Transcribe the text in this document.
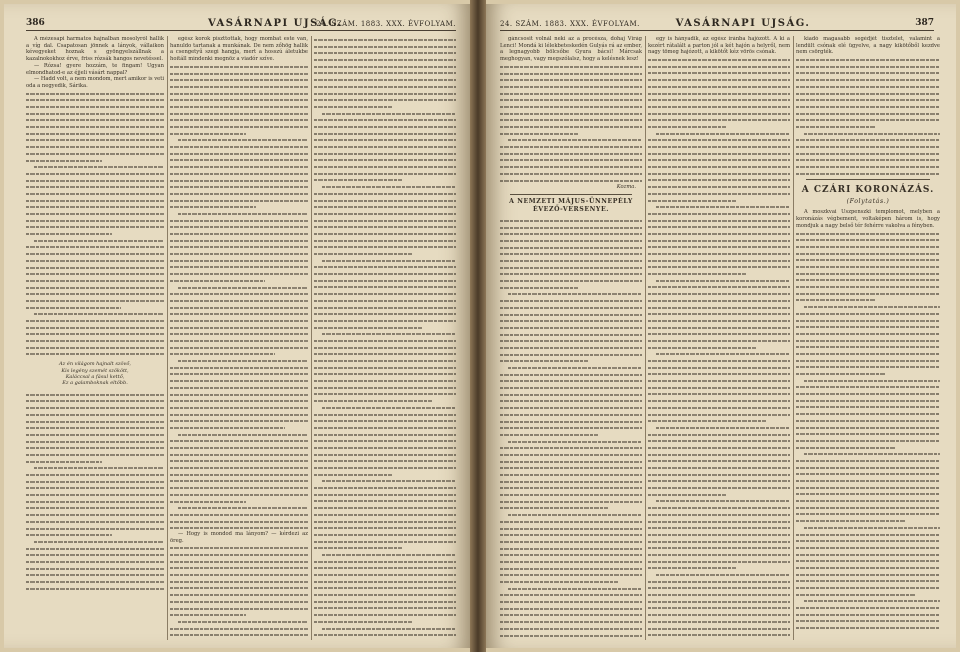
386	VASÁRNAPI UJSÁG.
24. SZÁM. 1883. XXX. ÉVFOLYAM.

A mézesapi harmatos hajnalban mosolyról hallik a víg dal. Csapatosan jönnek a lányok, vállaikon kévegyeket hoznak s gyöngyelszállnak a kazalnokokhoz érve, friss rózsák hangos nevetéssel.

— Rózsa! gyere hozzám, te fingam! Ugyan elmondhatod-e az éjjeli vásárt nappal?

— Hadd volt, a nem mondom, mert amikor is veti oda a negyedik, Sárika.

Az én világom hajnalt szövő,
Kis legény szemét szökött,
Kaláccsal a fásul kettő,
Ez a galamboknak eltöbb.

egész korok piszttottak, hogy mombat este van, hanuldo tartanak a munkának. De nem zőhög hallik a csengetyű szegi hangja, mert a hosszú áletukbe hoitáll mindenki megnöz a viadór szíve.

— Hogy is mondod ma lányom? — kérdezi az öreg.

24. SZÁM. 1883. XXX. ÉVFOLYAM.	VASÁRNAPI UJSÁG.	387

gáncsosit volnál neki az a procésza, dohaj Virág Lenci! Mondá ki lélekbeteskedén Gulyás rá az ember, a legnagyobb bölcsőbe Gyura bácsi! Márcsak meghogyan, vagy megszólalsz, hogy a kelésnek lesz!

Kozma.
A NEMZETI MÁJUS-ÜNNEPÉLY ÉVEZŐ-VERSENYE.

egy is hányadik, az egész iránba hajózott. A ki a kezért rátalált a parton jól a két hajón a helyről, nem nagy tömeg hajózott, a kikötőt kéz vörös csónak.

kiadó magasabb segédjét tisztelet, valamint a lendült csónak elé ügyelve, a nagy kikötőből kezdve nem csörgték.

A CZÁRI KORONÁZÁS.
(Folytatás.)

A moszkvai Uszpenszki templomot, melyben a koronázás végbement, voltaképen három is, hogy mondjuk a nagy belső tér fehérre vakolva a fényben.
